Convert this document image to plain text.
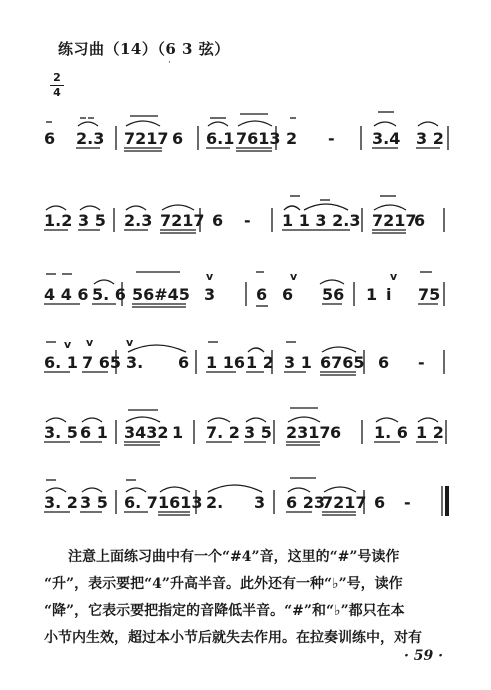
练习曲（14）（6 3 弦）
·
2
4
6 2.3 7217 6 6.1 7613 2 - 3.4 3 2
1.2 3 5 2.3 7217 6 - 1 1 3 2.3 7217
6
4 4 6 5. 6 56#45 3	6 6 56 1 i 75
v	v	v
6. 1 7 65 3. 6 1 16 1 2 3 1 6765 6 -
v	v
v
3. 5 6 1 3432 1 7. 2 3 5 2317 6 1. 6 1 2
3. 2 3 5 6. 7 1613 2. 3 6 23
7217 6 -

注意上面练习曲中有一个“#4”音，这里的“#”号读作

“升”，表示要把“4”升高半音。此外还有一种“♭”号，读作

“降”，它表示要把指定的音降低半音。“#”和“♭”都只在本

小节内生效，超过本小节后就失去作用。在拉奏训练中，对有

· 59 ·
